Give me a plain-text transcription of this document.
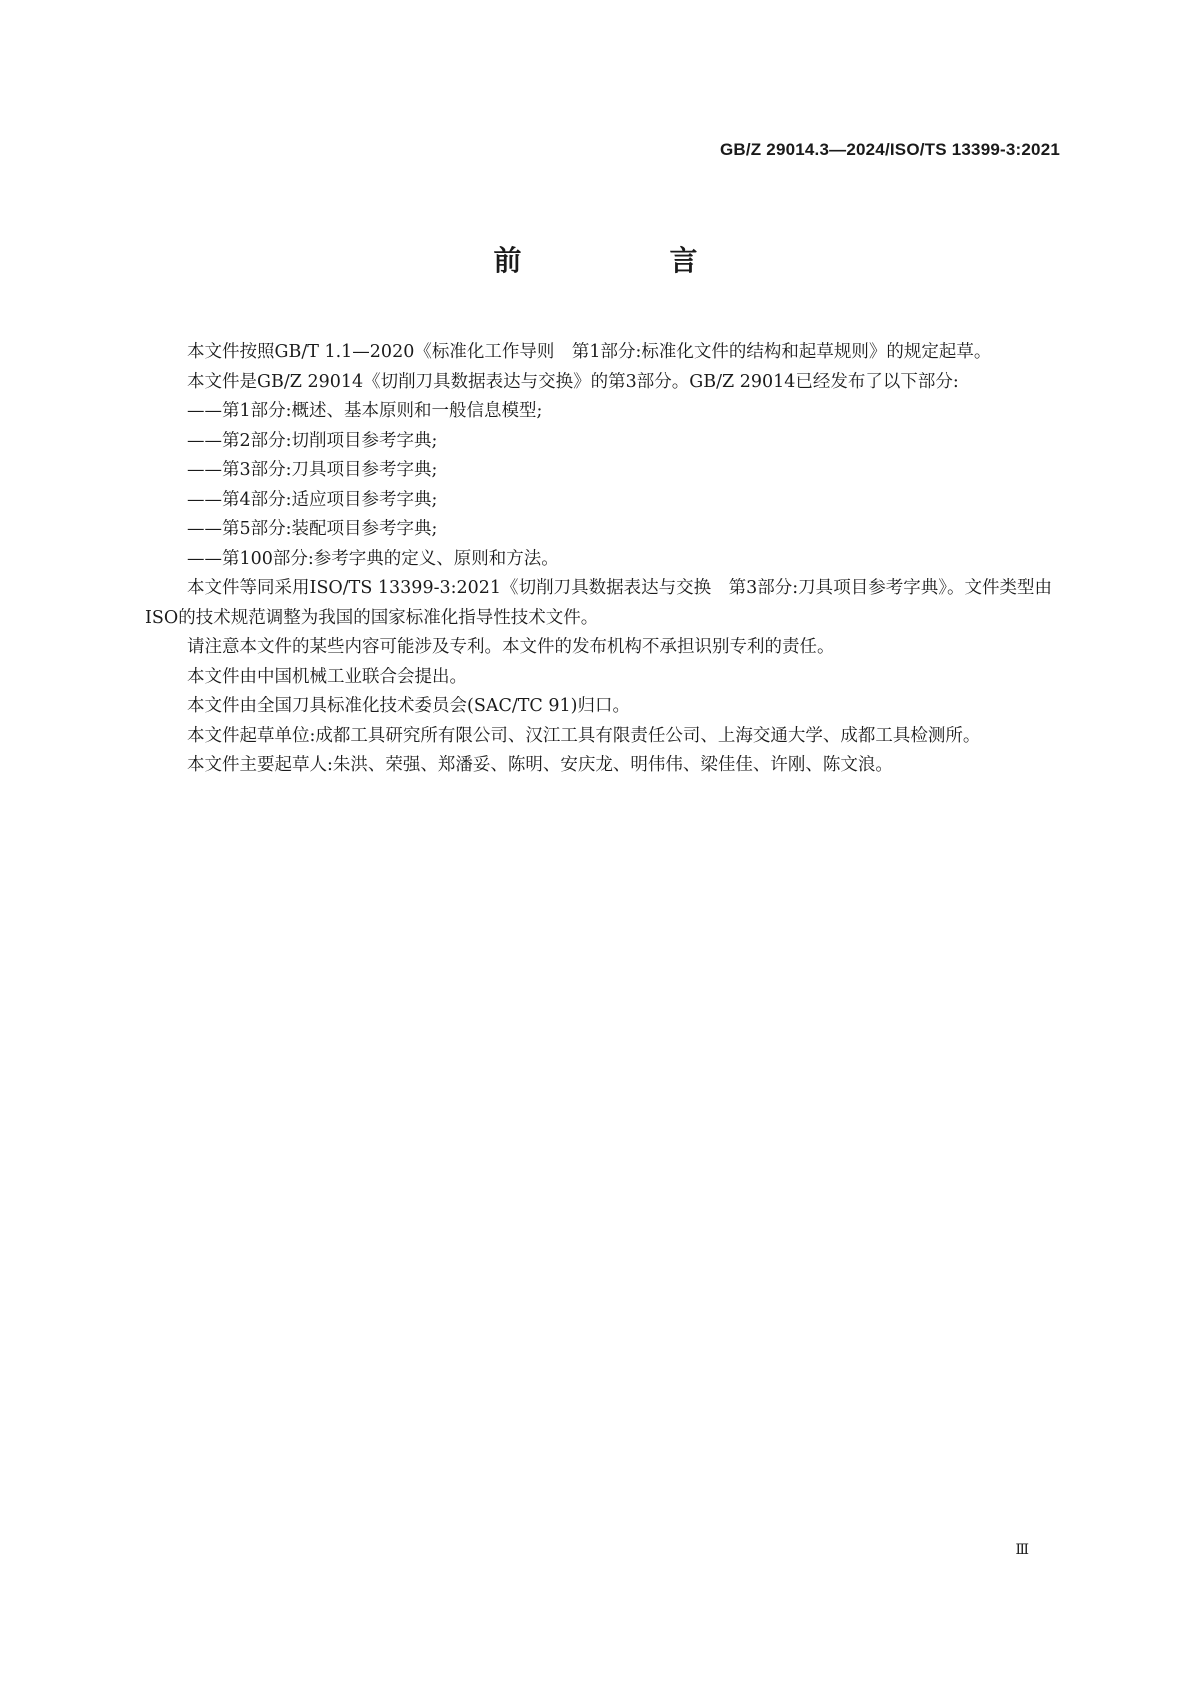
GB/Z 29014.3—2024/ISO/TS 13399-3:2021
前　言

本文件按照GB/T 1.1—2020《标准化工作导则　第1部分:标准化文件的结构和起草规则》的规定起草。

本文件是GB/Z 29014《切削刀具数据表达与交换》的第3部分。GB/Z 29014已经发布了以下部分:

——第1部分:概述、基本原则和一般信息模型;

——第2部分:切削项目参考字典;

——第3部分:刀具项目参考字典;

——第4部分:适应项目参考字典;

——第5部分:装配项目参考字典;

——第100部分:参考字典的定义、原则和方法。

本文件等同采用ISO/TS 13399-3:2021《切削刀具数据表达与交换　第3部分:刀具项目参考字典》。文件类型由ISO的技术规范调整为我国的国家标准化指导性技术文件。

请注意本文件的某些内容可能涉及专利。本文件的发布机构不承担识别专利的责任。

本文件由中国机械工业联合会提出。

本文件由全国刀具标准化技术委员会(SAC/TC 91)归口。

本文件起草单位:成都工具研究所有限公司、汉江工具有限责任公司、上海交通大学、成都工具检测所。

本文件主要起草人:朱洪、荣强、郑潘妥、陈明、安庆龙、明伟伟、梁佳佳、许刚、陈文浪。

Ⅲ
